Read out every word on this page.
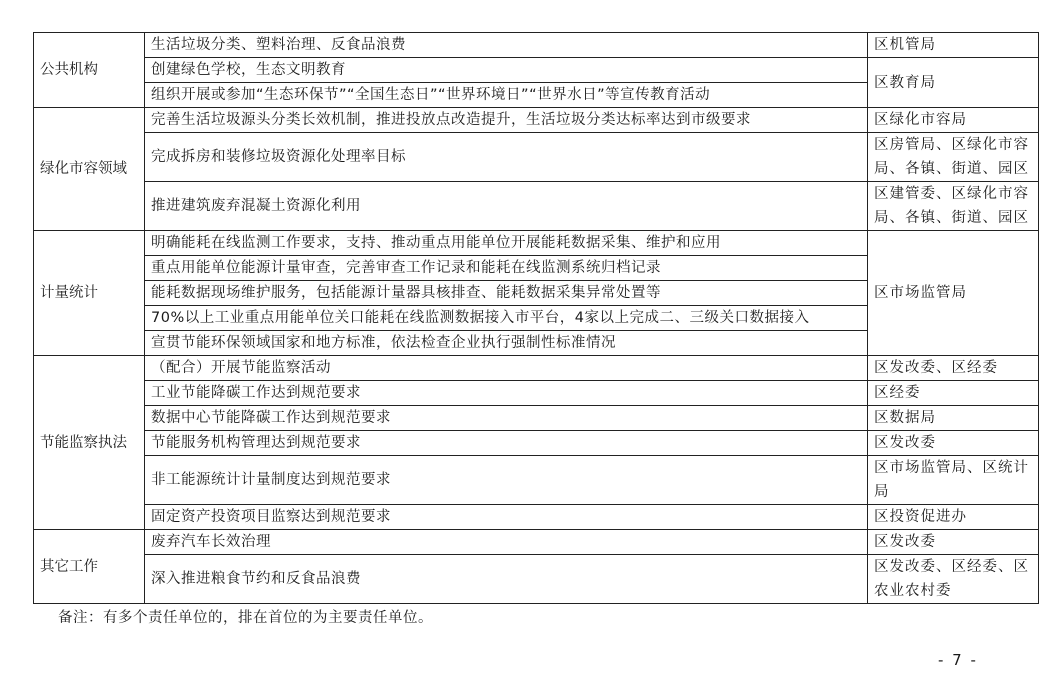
公共机构	生活垃圾分类、塑料治理、反食品浪费	区机管局
	创建绿色学校，生态文明教育	区教育局
	组织开展或参加“生态环保节”“全国生态日”“世界环境日”“世界水日”等宣传教育活动	
绿化市容领域	完善生活垃圾源头分类长效机制，推进投放点改造提升，生活垃圾分类达标率达到市级要求	区绿化市容局
	完成拆房和装修垃圾资源化处理率目标	区房管局、区绿化市容局、各镇、街道、园区
	推进建筑废弃混凝土资源化利用	区建管委、区绿化市容局、各镇、街道、园区
计量统计	明确能耗在线监测工作要求，支持、推动重点用能单位开展能耗数据采集、维护和应用	区市场监管局
	重点用能单位能源计量审查，完善审查工作记录和能耗在线监测系统归档记录	
	能耗数据现场维护服务，包括能源计量器具核排查、能耗数据采集异常处置等	
	70%以上工业重点用能单位关口能耗在线监测数据接入市平台，4家以上完成二、三级关口数据接入	
	宣贯节能环保领域国家和地方标准，依法检查企业执行强制性标准情况	
节能监察执法	（配合）开展节能监察活动	区发改委、区经委
	工业节能降碳工作达到规范要求	区经委
	数据中心节能降碳工作达到规范要求	区数据局
	节能服务机构管理达到规范要求	区发改委
	非工能源统计计量制度达到规范要求	区市场监管局、区统计局
	固定资产投资项目监察达到规范要求	区投资促进办
其它工作	废弃汽车长效治理	区发改委
	深入推进粮食节约和反食品浪费	区发改委、区经委、区农业农村委
备注：有多个责任单位的，排在首位的为主要责任单位。
- 7 -
